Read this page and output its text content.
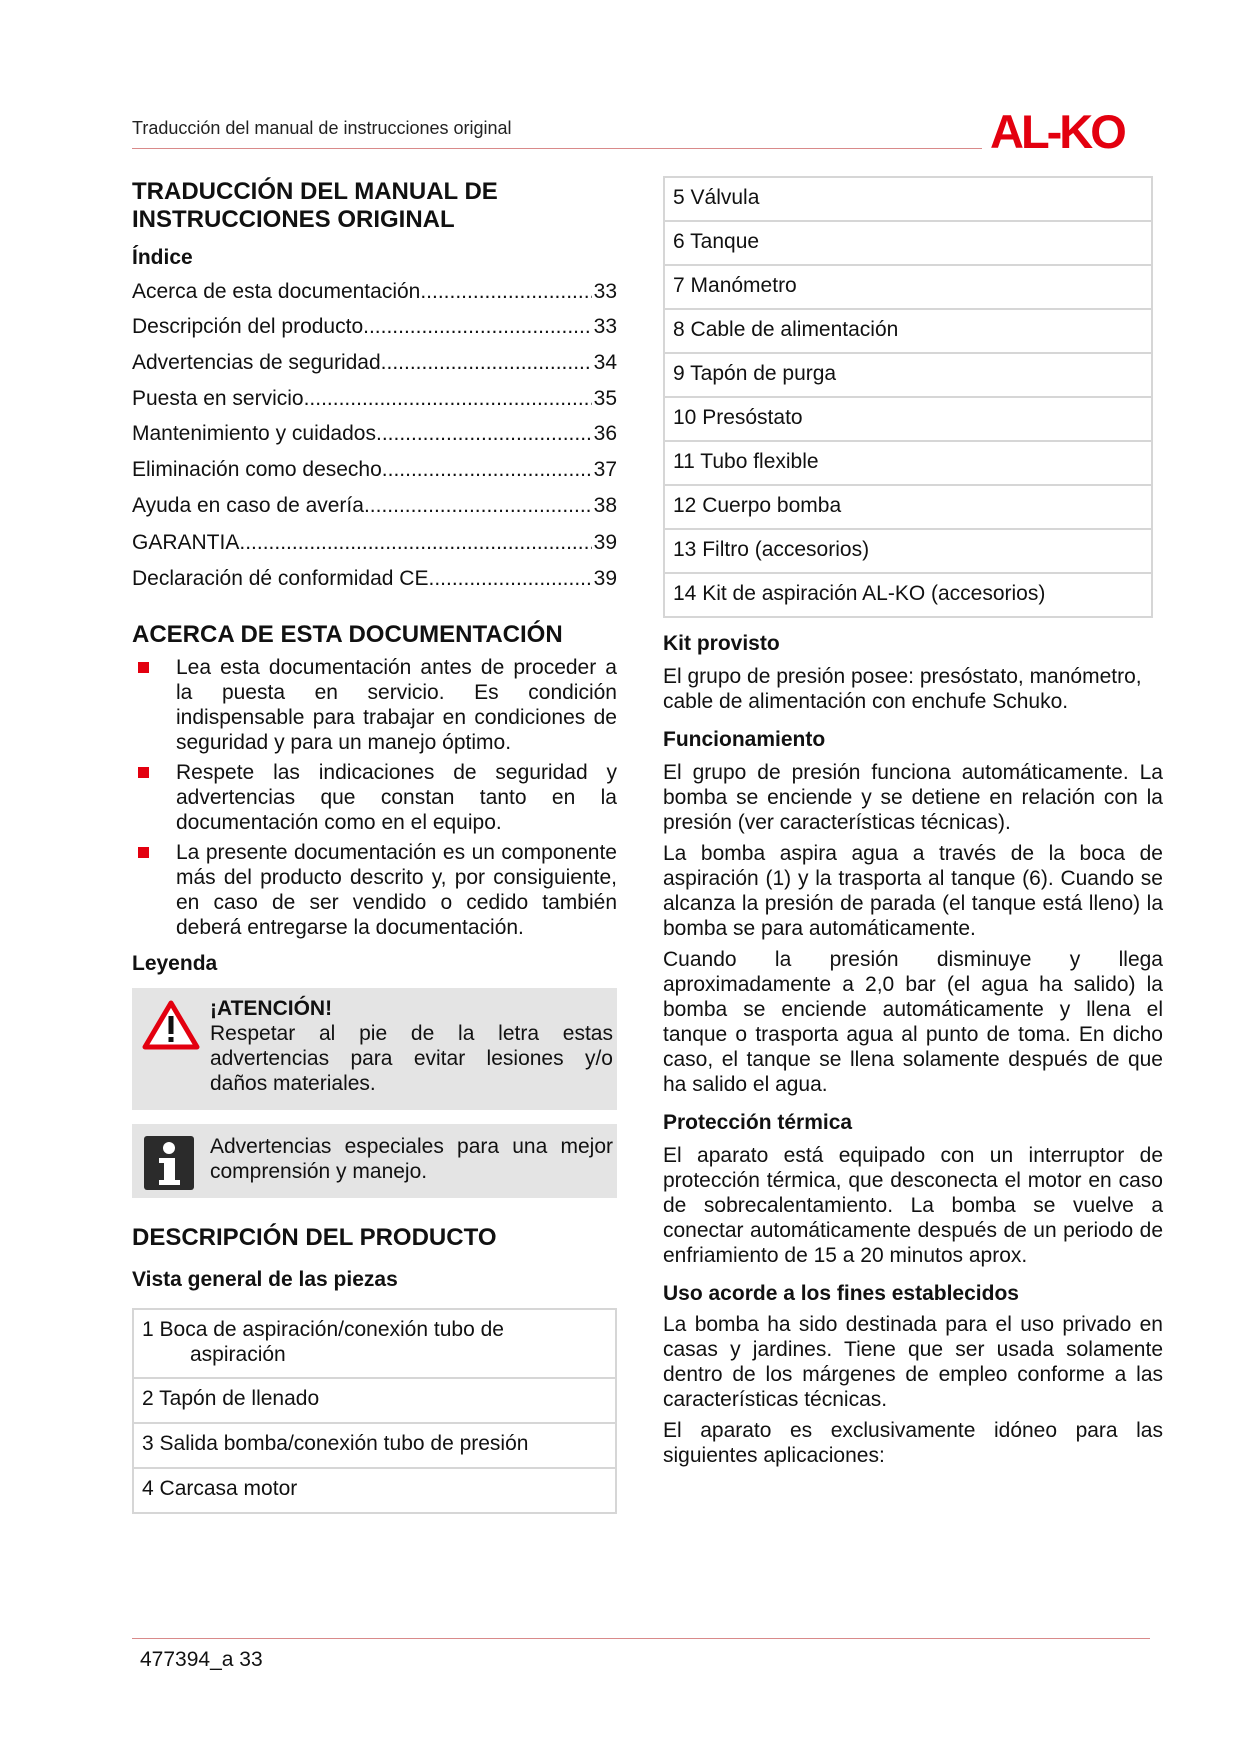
Traducción del manual de instrucciones original	AL-KO
TRADUCCIÓN DEL MANUAL DE INSTRUCCIONES ORIGINAL
Índice
Acerca de esta documentación .....	33
Descripción del producto .....	33
Advertencias de seguridad .....	34
Puesta en servicio .....	35
Mantenimiento y cuidados .....	36
Eliminación como desecho .....	37
Ayuda en caso de avería .....	38
GARANTIA .....	39
Declaración dé conformidad CE .....	39
ACERCA DE ESTA DOCUMENTACIÓN
Lea esta documentación antes de proceder a la puesta en servicio. Es condición indispensable para trabajar en condiciones de seguridad y para un manejo óptimo.
Respete las indicaciones de seguridad y advertencias que constan tanto en la documentación como en el equipo.
La presente documentación es un componente más del producto descrito y, por consiguiente, en caso de ser vendido o cedido también deberá entregarse la documentación.
Leyenda
¡ATENCIÓN!
Respetar al pie de la letra estas advertencias para evitar lesiones y/o daños materiales.
Advertencias especiales para una mejor comprensión y manejo.
DESCRIPCIÓN DEL PRODUCTO
Vista general de las piezas
1 Boca de aspiración/conexión tubo de
aspiración
2 Tapón de llenado
3 Salida bomba/conexión tubo de presión
4 Carcasa motor
5 Válvula
6 Tanque
7 Manómetro
8 Cable de alimentación
9 Tapón de purga
10 Presóstato
11 Tubo flexible
12 Cuerpo bomba
13 Filtro (accesorios)
14 Kit de aspiración AL-KO (accesorios)
Kit provisto

El grupo de presión posee: presóstato, manómetro, cable de alimentación con enchufe Schuko.

Funcionamiento

El grupo de presión funciona automáticamente. La bomba se enciende y se detiene en relación con la presión (ver características técnicas).

La bomba aspira agua a través de la boca de aspiración (1) y la trasporta al tanque (6). Cuando se alcanza la presión de parada (el tanque está lleno) la bomba se para automáticamente.

Cuando la presión disminuye y llega aproximadamente a 2,0 bar (el agua ha salido) la bomba se enciende automáticamente y llena el tanque o trasporta agua al punto de toma. En dicho caso, el tanque se llena solamente después de que ha salido el agua.

Protección térmica

El aparato está equipado con un interruptor de protección térmica, que desconecta el motor en caso de sobrecalentamiento. La bomba se vuelve a conectar automáticamente después de un periodo de enfriamiento de 15 a 20 minutos aprox.

Uso acorde a los fines establecidos

La bomba ha sido destinada para el uso privado en casas y jardines. Tiene que ser usada solamente dentro de los márgenes de empleo conforme a las características técnicas.

El aparato es exclusivamente idóneo para las siguientes aplicaciones:

477394_a 33
